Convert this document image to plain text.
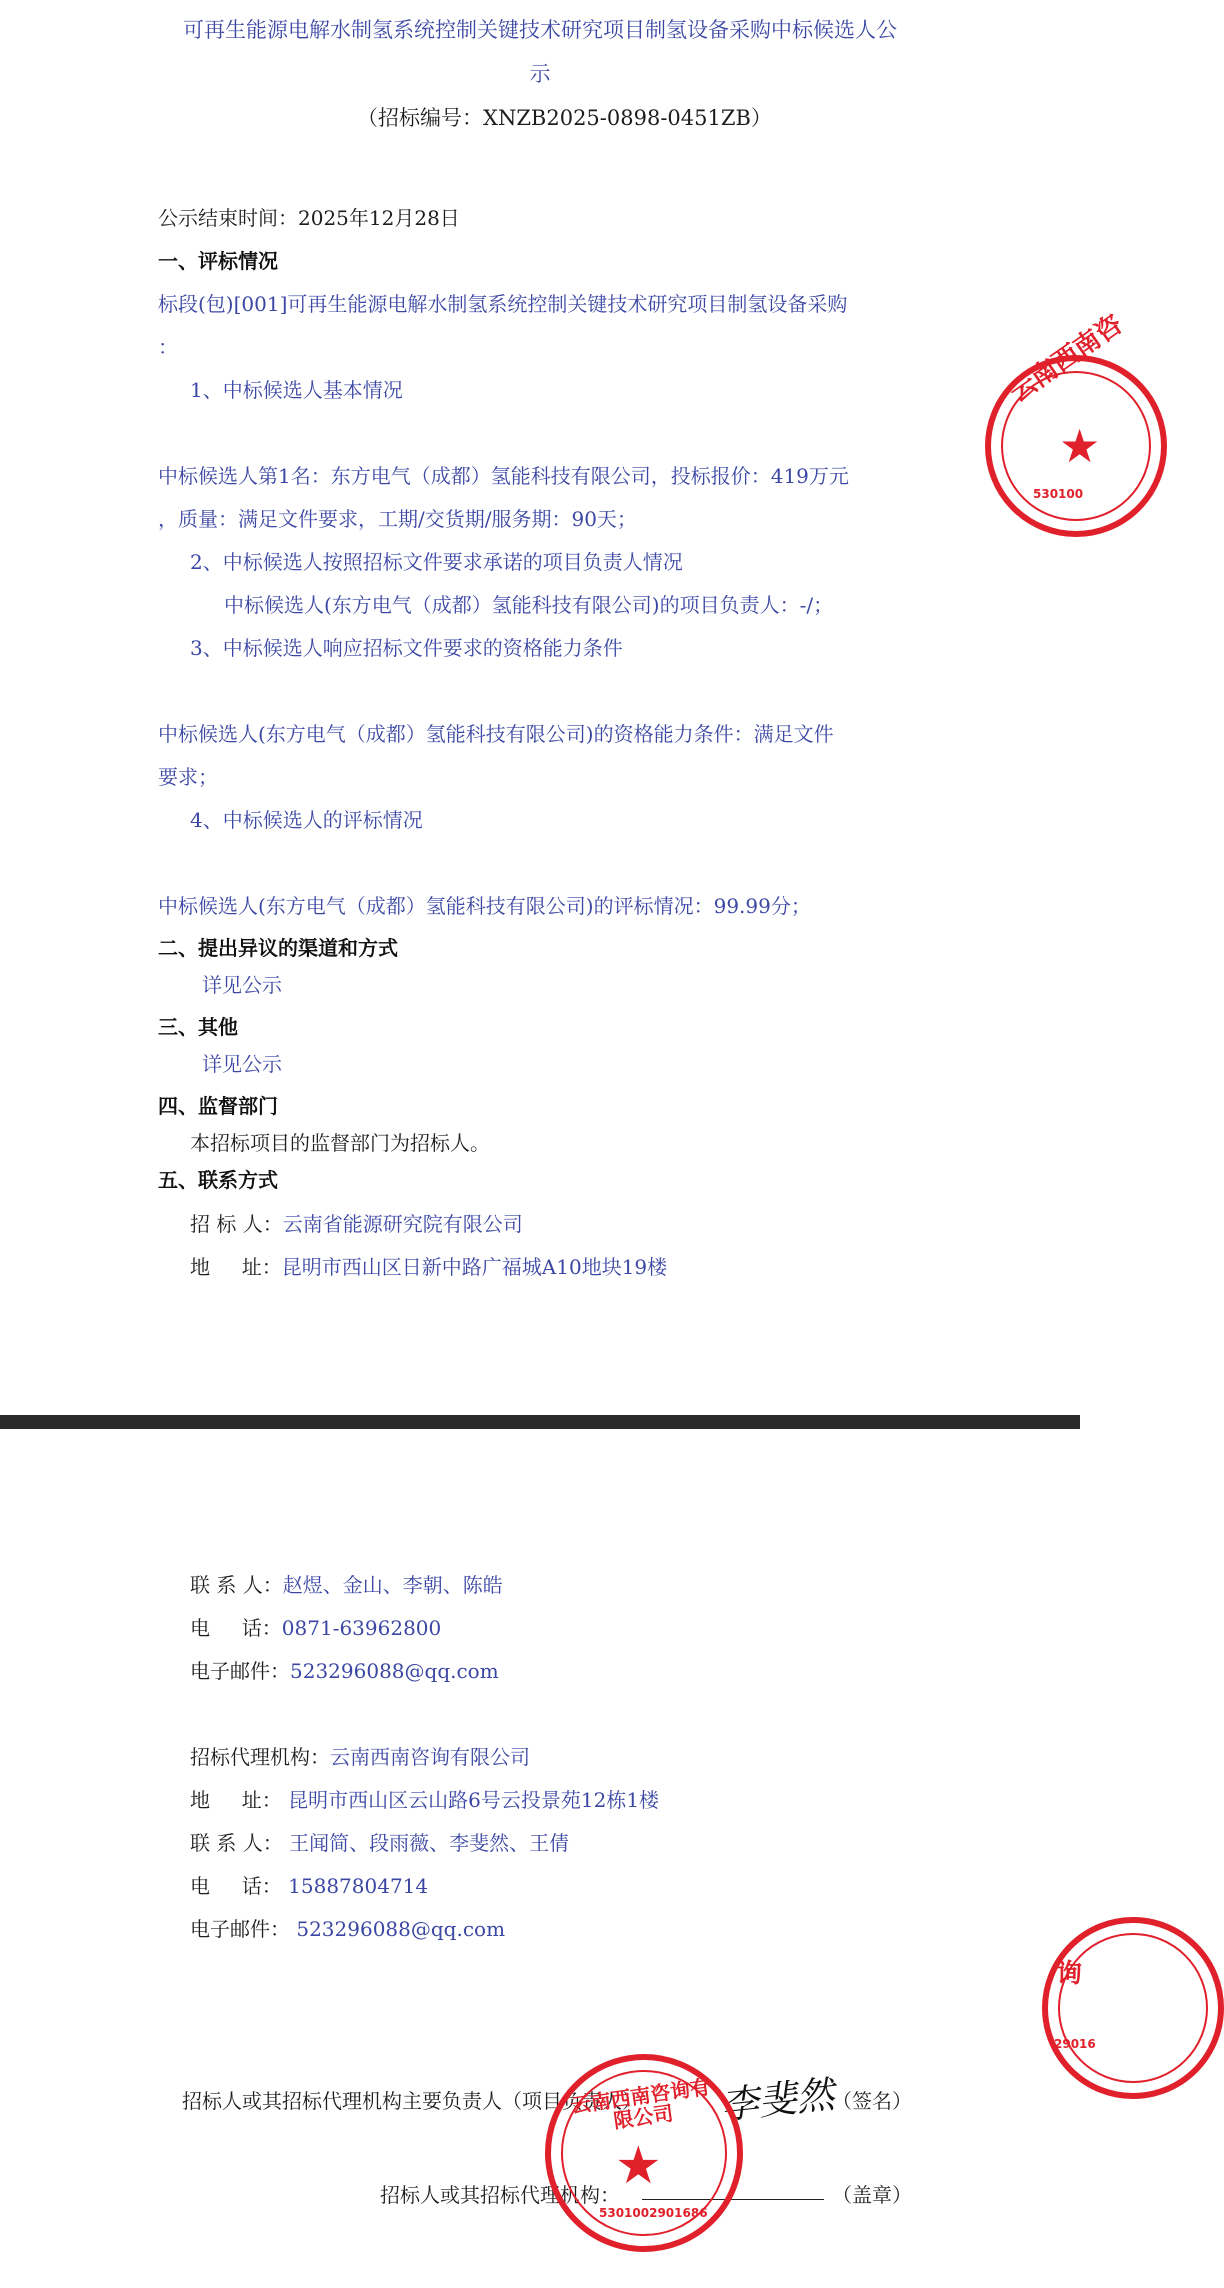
可再生能源电解水制氢系统控制关键技术研究项目制氢设备采购中标候选人公
示
（招标编号：XNZB2025-0898-0451ZB）
公示结束时间：2025年12月28日
一、评标情况
标段(包)[001]可再生能源电解水制氢系统控制关键技术研究项目制氢设备采购
：
1、中标候选人基本情况
中标候选人第1名：东方电气（成都）氢能科技有限公司，投标报价：419万元
，质量：满足文件要求，工期/交货期/服务期：90天；
2、中标候选人按照招标文件要求承诺的项目负责人情况
中标候选人(东方电气（成都）氢能科技有限公司)的项目负责人：-/；
3、中标候选人响应招标文件要求的资格能力条件
中标候选人(东方电气（成都）氢能科技有限公司)的资格能力条件：满足文件
要求；
4、中标候选人的评标情况
中标候选人(东方电气（成都）氢能科技有限公司)的评标情况：99.99分；
二、提出异议的渠道和方式
详见公示
三、其他
详见公示
四、监督部门
本招标项目的监督部门为招标人。
五、联系方式
招 标 人：云南省能源研究院有限公司
地     址：昆明市西山区日新中路广福城A10地块19楼
云南西南咨
★
530100
联 系 人：赵煜、金山、李朝、陈皓
电     话：0871-63962800
电子邮件：523296088@qq.com
招标代理机构：云南西南咨询有限公司
地     址： 昆明市西山区云山路6号云投景苑12栋1楼
联 系 人： 王闻简、段雨薇、李斐然、王倩
电     话： 15887804714
电子邮件： 523296088@qq.com
招标人或其招标代理机构主要负责人（项目负责人） 李斐然
（签名）
招标人或其招标代理机构：	（盖章）
询
29016
云南西南咨询有限公司
★
5301002901686
